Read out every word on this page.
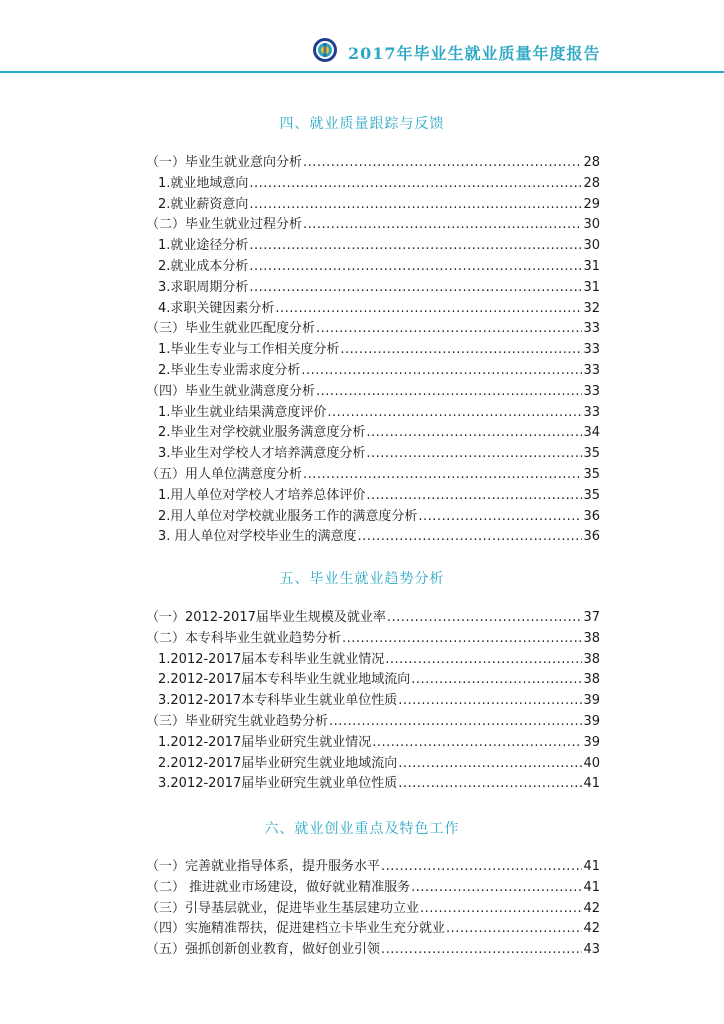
2017年毕业生就业质量年度报告
四、就业质量跟踪与反馈
（一）毕业生就业意向分析 .....	28
1.就业地域意向 .....	28
2.就业薪资意向 .....	29
（二）毕业生就业过程分析 .....	30
1.就业途径分析 .....	30
2.就业成本分析 .....	31
3.求职周期分析 .....	31
4.求职关键因素分析 .....	32
（三）毕业生就业匹配度分析 .....	33
1.毕业生专业与工作相关度分析 .....	33
2.毕业生专业需求度分析 .....	33
（四）毕业生就业满意度分析 .....	33
1.毕业生就业结果满意度评价 .....	33
2.毕业生对学校就业服务满意度分析 .....	34
3.毕业生对学校人才培养满意度分析 .....	35
（五）用人单位满意度分析 .....	35
1.用人单位对学校人才培养总体评价 .....	35
2.用人单位对学校就业服务工作的满意度分析 .....	36
3. 用人单位对学校毕业生的满意度 .....	36
五、毕业生就业趋势分析
（一）2012-2017届毕业生规模及就业率 .....	37
（二）本专科毕业生就业趋势分析 .....	38
1.2012-2017届本专科毕业生就业情况 .....	38
2.2012-2017届本专科毕业生就业地域流向 .....	38
3.2012-2017本专科毕业生就业单位性质 .....	39
（三）毕业研究生就业趋势分析 .....	39
1.2012-2017届毕业研究生就业情况 .....	39
2.2012-2017届毕业研究生就业地域流向 .....	40
3.2012-2017届毕业研究生就业单位性质 .....	41
六、就业创业重点及特色工作
（一）完善就业指导体系，提升服务水平 .....	41
（二） 推进就业市场建设，做好就业精准服务 .....	41
（三）引导基层就业，促进毕业生基层建功立业 .....	42
（四）实施精准帮扶，促进建档立卡毕业生充分就业 .....	42
（五）强抓创新创业教育，做好创业引领 .....	43
